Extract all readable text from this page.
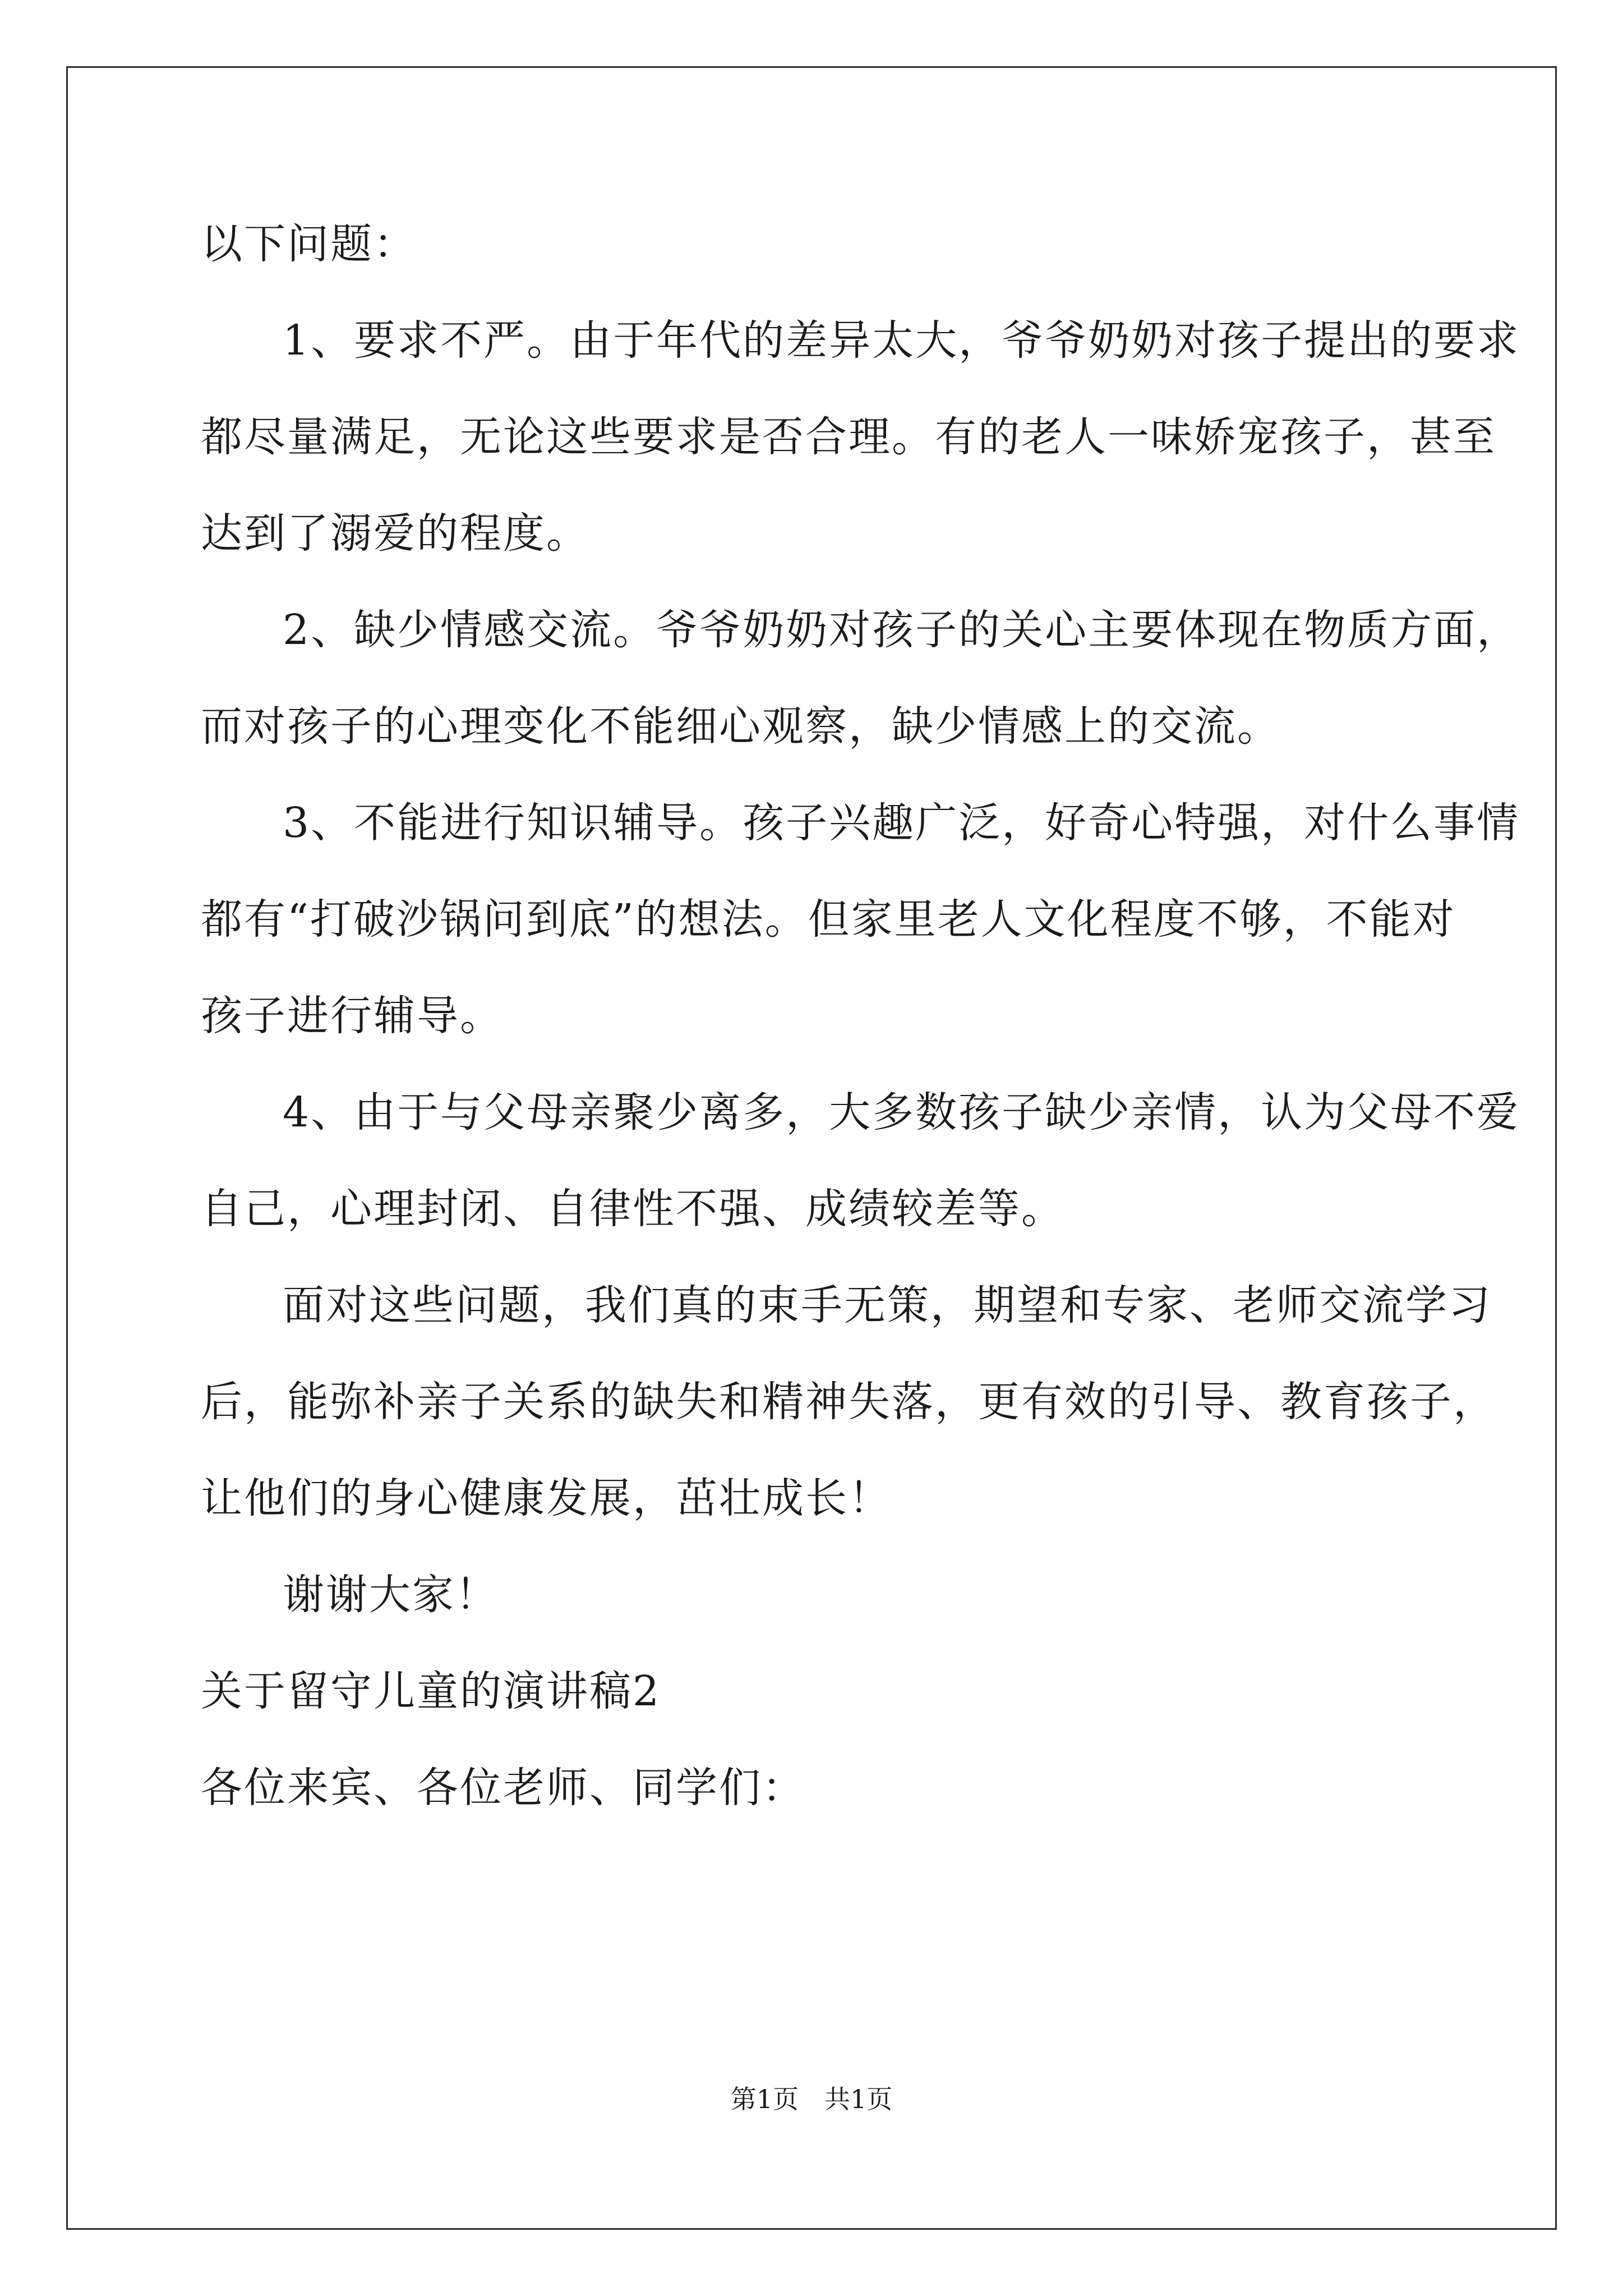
以下问题：
1、要求不严。由于年代的差异太大，爷爷奶奶对孩子提出的要求
都尽量满足，无论这些要求是否合理。有的老人一味娇宠孩子，甚至
达到了溺爱的程度。
2、缺少情感交流。爷爷奶奶对孩子的关心主要体现在物质方面，
而对孩子的心理变化不能细心观察，缺少情感上的交流。
3、不能进行知识辅导。孩子兴趣广泛，好奇心特强，对什么事情
都有“打破沙锅问到底”的想法。但家里老人文化程度不够，不能对
孩子进行辅导。
4、由于与父母亲聚少离多，大多数孩子缺少亲情，认为父母不爱
自己，心理封闭、自律性不强、成绩较差等。
面对这些问题，我们真的束手无策，期望和专家、老师交流学习
后，能弥补亲子关系的缺失和精神失落，更有效的引导、教育孩子，
让他们的身心健康发展，茁壮成长！
谢谢大家！
关于留守儿童的演讲稿2
各位来宾、各位老师、同学们：
第1页　共1页
